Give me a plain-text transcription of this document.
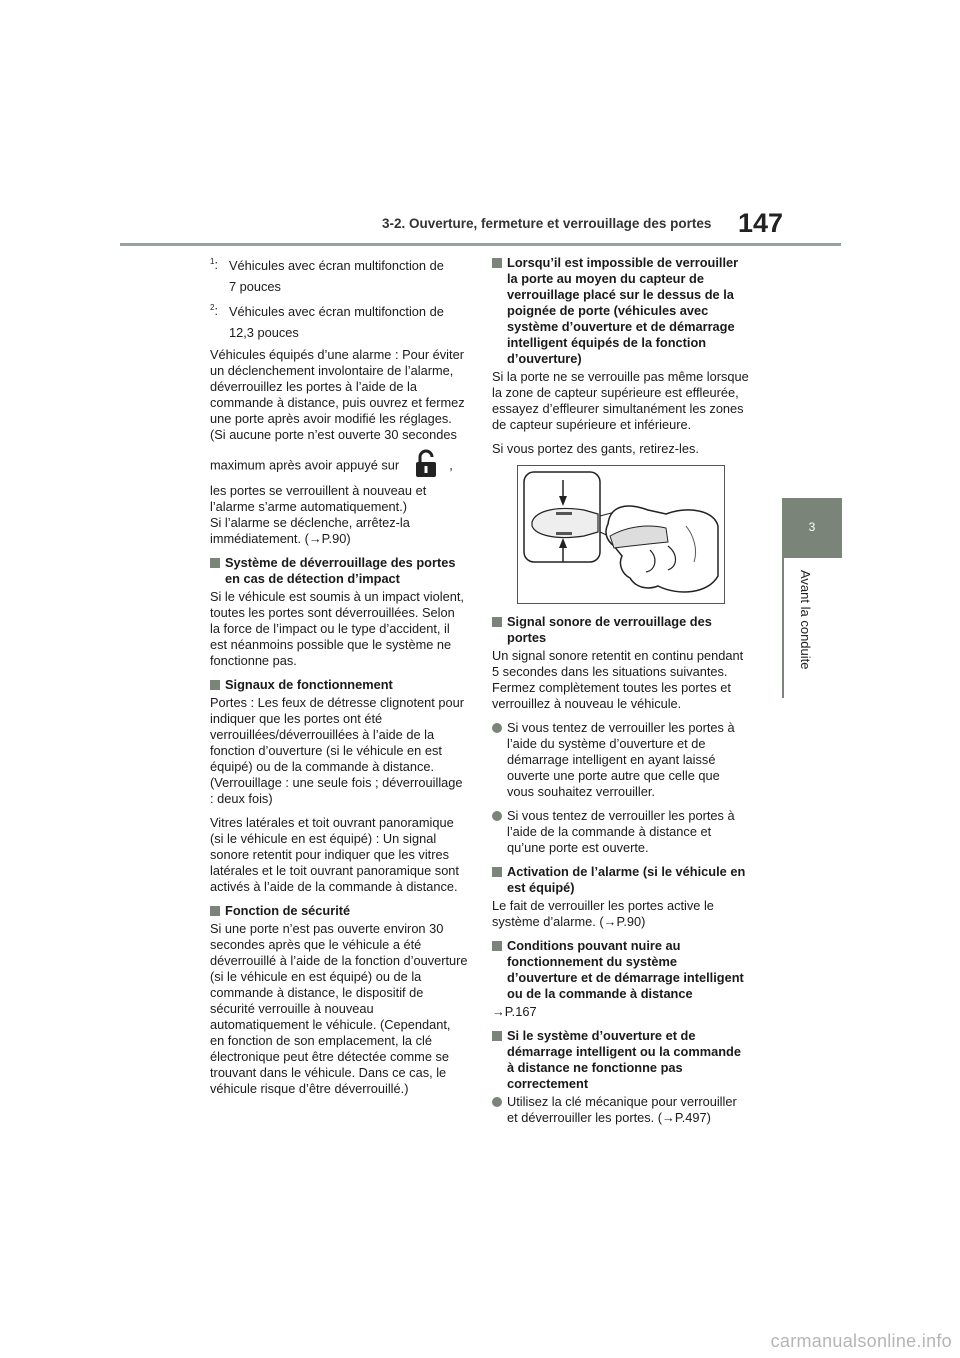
3-2. Ouverture, fermeture et verrouillage des portes 147
3
Avant la conduite
$^1$: Véhicules avec écran multifonction de
7 pouces
$^2$: Véhicules avec écran multifonction de
12,3 pouces

Véhicules équipés d’une alarme : Pour éviter un déclenchement involontaire de l’alarme, déverrouillez les portes à l’aide de la commande à distance, puis ouvrez et fermez une porte après avoir modifié les réglages. (Si aucune porte n’est ouverte 30 secondes

maximum après avoir appuyé sur	,
les portes se verrouillent à nouveau et l’alarme s’arme automatiquement.)

Si l’alarme se déclenche, arrêtez-la immédiatement. (→P.90)

Système de déverrouillage des portes en cas de détection d’impact

Si le véhicule est soumis à un impact violent, toutes les portes sont déverrouillées. Selon la force de l’impact ou le type d’accident, il est néanmoins possible que le système ne fonctionne pas.

Signaux de fonctionnement

Portes : Les feux de détresse clignotent pour indiquer que les portes ont été verrouillées/déverrouillées à l’aide de la fonction d’ouverture (si le véhicule en est équipé) ou de la commande à distance. (Verrouillage : une seule fois ; déverrouillage : deux fois)

Vitres latérales et toit ouvrant panoramique (si le véhicule en est équipé) : Un signal sonore retentit pour indiquer que les vitres latérales et le toit ouvrant panoramique sont activés à l’aide de la commande à distance.

Fonction de sécurité

Si une porte n’est pas ouverte environ 30 secondes après que le véhicule a été déverrouillé à l’aide de la fonction d’ouverture (si le véhicule en est équipé) ou de la commande à distance, le dispositif de sécurité verrouille à nouveau automatiquement le véhicule. (Cependant, en fonction de son emplacement, la clé électronique peut être détectée comme se trouvant dans le véhicule. Dans ce cas, le véhicule risque d’être déverrouillé.)

Lorsqu’il est impossible de verrouiller la porte au moyen du capteur de verrouillage placé sur le dessus de la poignée de porte (véhicules avec système d’ouverture et de démarrage intelligent équipés de la fonction d’ouverture)

Si la porte ne se verrouille pas même lorsque la zone de capteur supérieure est effleurée, essayez d’effleurer simultanément les zones de capteur supérieure et inférieure.

Si vous portez des gants, retirez-les.

Signal sonore de verrouillage des portes

Un signal sonore retentit en continu pendant 5 secondes dans les situations suivantes. Fermez complètement toutes les portes et verrouillez à nouveau le véhicule.

Si vous tentez de verrouiller les portes à l’aide du système d’ouverture et de démarrage intelligent en ayant laissé ouverte une porte autre que celle que vous souhaitez verrouiller.

Si vous tentez de verrouiller les portes à l’aide de la commande à distance et qu’une porte est ouverte.

Activation de l’alarme (si le véhicule en est équipé)

Le fait de verrouiller les portes active le système d’alarme. (→P.90)

Conditions pouvant nuire au fonctionnement du système d’ouverture et de démarrage intelligent ou de la commande à distance

→P.167

Si le système d’ouverture et de démarrage intelligent ou la commande à distance ne fonctionne pas correctement

Utilisez la clé mécanique pour verrouiller et déverrouiller les portes. (→P.497)

carmanualsonline.info
